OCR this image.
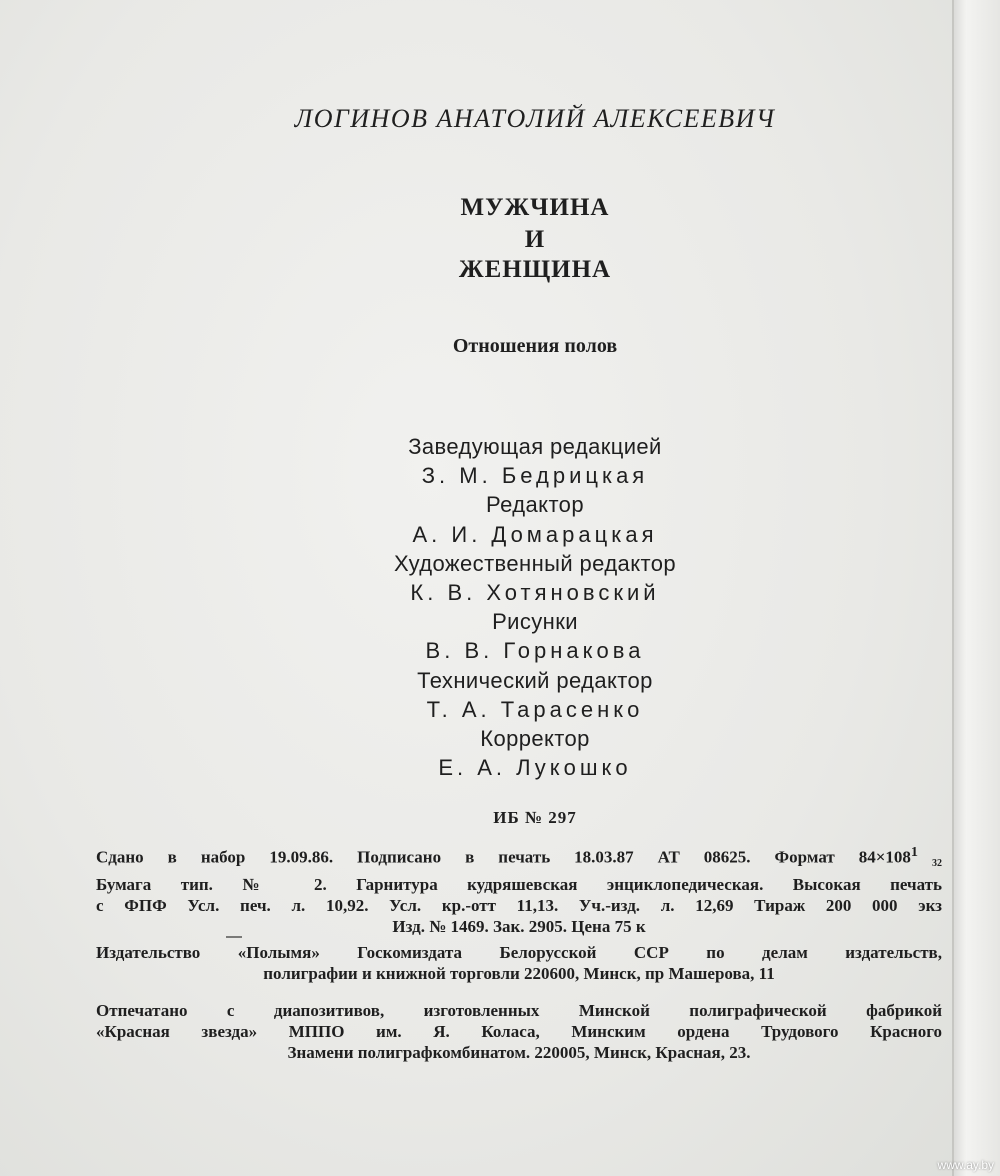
ЛОГИНОВ АНАТОЛИЙ АЛЕКСЕЕВИЧ
МУЖЧИНА
И
ЖЕНЩИНА
Отношения полов
Заведующая редакцией
З. М. Бедрицкая
Редактор
А. И. Домарацкая
Художественный редактор
К. В. Хотяновский
Рисунки
В. В. Горнакова
Технический редактор
Т. А. Тарасенко
Корректор
Е. А. Лукошко
ИБ № 297
Сдано в набор 19.09.86. Подписано в печать 18.03.87 АТ 08625. Формат $84\times 108^132$
Бумага тип. № 2. Гарнитура кудряшевская энциклопедическая. Высокая печать
с ФПФ Усл. печ. л. 10,92. Усл. кр.-отт 11,13. Уч.-изд. л. 12,69 Тираж 200 000 экз
Изд. № 1469. Зак. 2905. Цена 75 к
Издательство «Полымя» Госкомиздата Белорусской ССР по делам издательств,
полиграфии и книжной торговли 220600, Минск, пр Машерова, 11
Отпечатано с диапозитивов, изготовленных Минской полиграфической фабрикой
«Красная звезда» МППО им. Я. Коласа, Минским ордена Трудового Красного
Знамени полиграфкомбинатом. 220005, Минск, Красная, 23.
www.ay.by
